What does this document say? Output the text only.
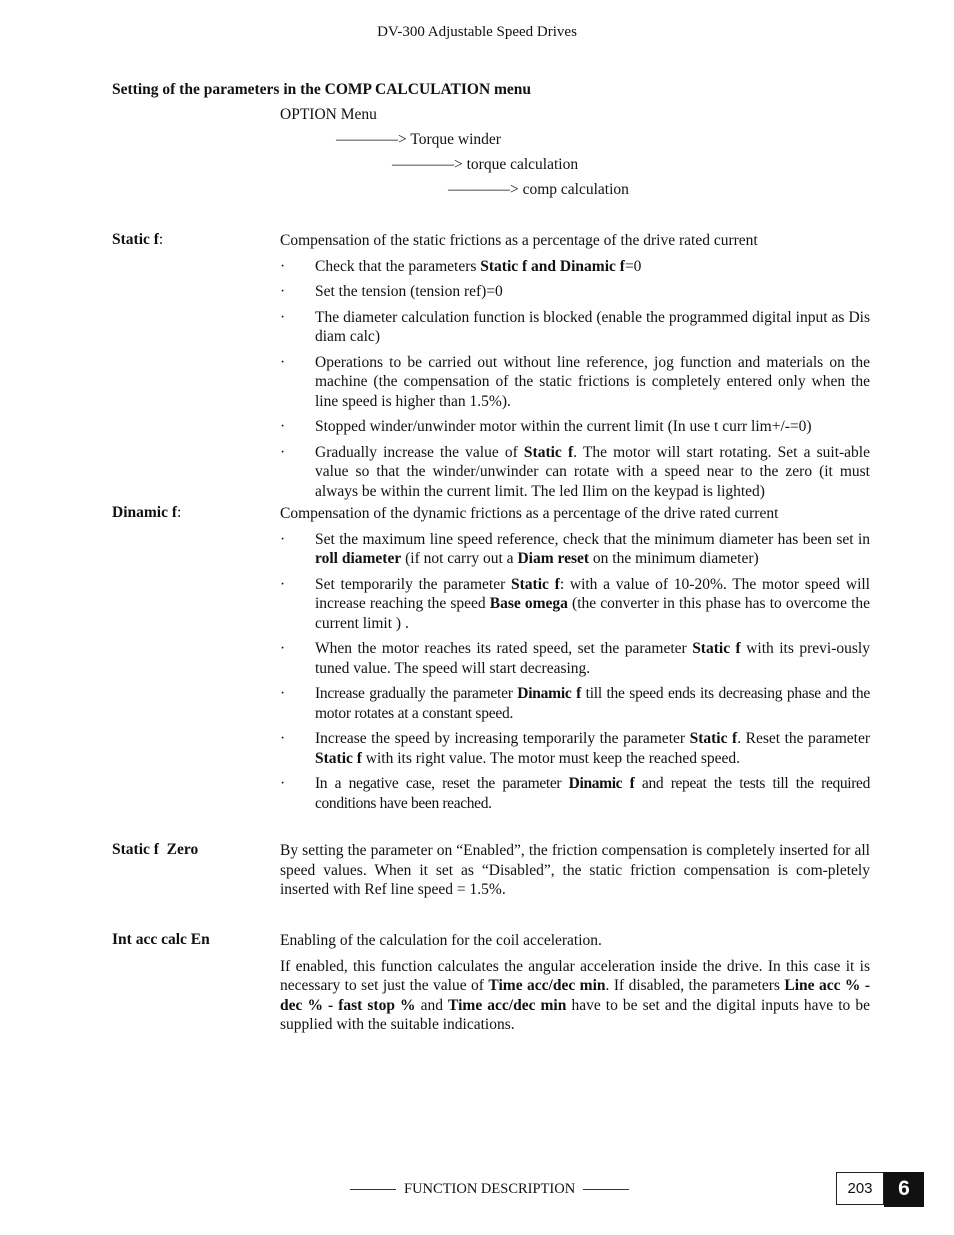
DV-300 Adjustable Speed Drives
Setting of the parameters in the COMP CALCULATION menu
OPTION Menu
————> Torque winder
————> torque calculation
————> comp calculation
Static f:	Compensation of the static frictions as a percentage of the drive rated current

·	Check that the parameters Static f and Dinamic f=0
·	Set the tension (tension ref)=0
·	The diameter calculation function is blocked (enable the programmed digital input as Dis diam calc)
·	Operations to be carried out without line reference, jog function and materials on the machine (the compensation of the static frictions is completely entered only when the line speed is higher than 1.5%).
·	Stopped winder/unwinder motor within the current limit (In use t curr lim+/-=0)
·	Gradually increase the value of Static f. The motor will start rotating. Set a suit-able value so that the winder/unwinder can rotate with a speed near to the zero (it must always be within the current limit. The led Ilim on the keypad is lighted)
Dinamic f:	Compensation of the dynamic frictions as a percentage of the drive rated current

·	Set the maximum line speed reference, check that the minimum diameter has been set in roll diameter (if not carry out a Diam reset on the minimum diameter)
·	Set temporarily the parameter Static f: with a value of 10-20%. The motor speed will increase reaching the speed Base omega (the converter in this phase has to overcome the current limit ) .
·	When the motor reaches its rated speed, set the parameter Static f with its previ-ously tuned value. The speed will start decreasing.
·	Increase gradually the parameter Dinamic f till the speed ends its decreasing phase and the motor rotates at a constant speed.
·	Increase the speed by increasing temporarily the parameter Static f. Reset the parameter Static f with its right value. The motor must keep the reached speed.
·	In a negative case, reset the parameter Dinamic f and repeat the tests till the required conditions have been reached.
Static f  Zero	By setting the parameter on “Enabled”, the friction compensation is completely inserted for all speed values. When it set as “Disabled”, the static friction compensation is com-pletely inserted with Ref line speed = 1.5%.

Int acc calc En	Enabling of the calculation for the coil acceleration.

If enabled, this function calculates the angular acceleration inside the drive. In this case it is necessary to set just the value of Time acc/dec min. If disabled, the parameters Line acc % - dec % - fast stop % and Time acc/dec min have to be set and the digital inputs have to be supplied with the suitable indications.

FUNCTION DESCRIPTION	203	6
